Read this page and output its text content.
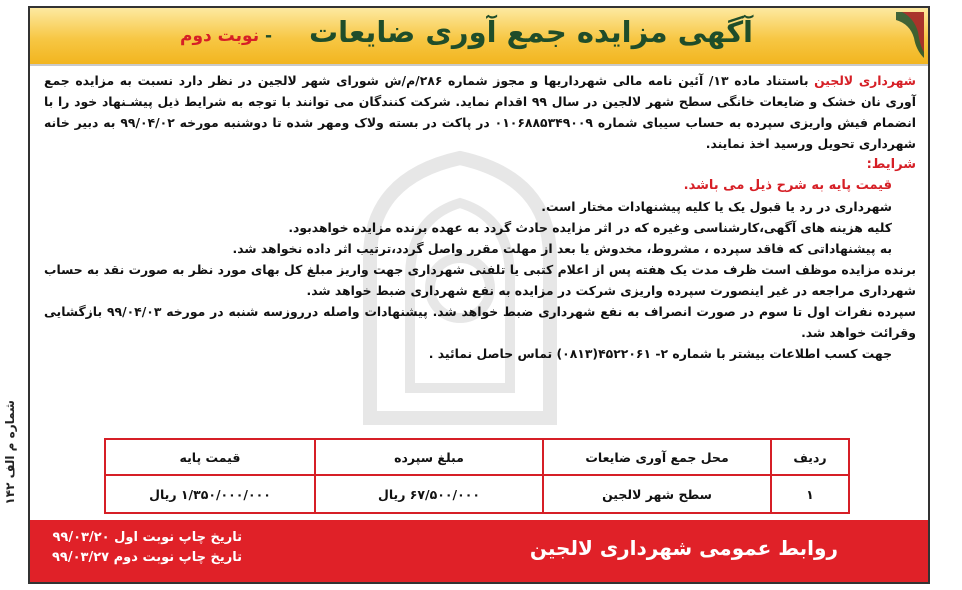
شماره م الف ۱۴۲
آگهی مزایده جمع آوری ضایعات
- نوبت دوم

شهرداری لالجین باستناد ماده ۱۳/ آئین نامه مالی شهرداریها و مجوز شماره ۲۸۶/م/ش شورای شهر لالجین در نظر دارد نسبت به مزایده جمع آوری نان خشک و ضایعات خانگی سطح شهر لالجین در سال ۹۹ اقدام نماید. شرکت کنندگان می توانند با توجه به شرایط ذیل پیشـنهاد خود را با انضمام فیش واریزی سپرده به حساب سیبای شماره ۰۱۰۶۸۸۵۳۴۹۰۰۹ در پاکت در بسته ولاک ومهر شده تا دوشنبه مورخه ۹۹/۰۴/۰۲ به دبیر خانه شهرداری تحویل ورسید اخذ نمایند.

شرایط:

قیمت پایه به شرح ذیل می باشد.

شهرداری در رد یا قبول یک یا کلیه پیشنهادات مختار است.

کلیه هزینه های آگهی،کارشناسی وغیره که در اثر مزایده حادث گردد به عهده برنده مزایده خواهدبود.

به پیشنهاداتی که فاقد سپرده ، مشروط، مخدوش یا بعد از مهلت مقرر واصل گردد،ترتیب اثر داده نخواهد شد.

برنده مزایده موظف است ظرف مدت یک هفته پس از اعلام کتبی یا تلفنی شهرداری جهت واریز مبلغ کل بهای مورد نظر به صورت نقد به حساب شهرداری مراجعه در غیر اینصورت سپرده واریزی شرکت در مزایده به نفع شهرداری ضبط خواهد شد.

سپرده نفرات اول تا سوم در صورت انصراف به نفع شهرداری ضبط خواهد شد. پیشنهادات واصله درروزسه شنبه در مورخه ۹۹/۰۴/۰۳ بازگشایی وقرائت خواهد شد.

جهت کسب اطلاعات بیشتر با شماره ۲- ۴۵۲۲۰۶۱(۰۸۱۳) تماس حاصل نمائید .

ردیف	محل جمع آوری ضایعات	مبلغ سپرده	قیمت پایه
۱	سطح شهر لالجین	۶۷/۵۰۰/۰۰۰ ریال	۱/۳۵۰/۰۰۰/۰۰۰ ریال
روابط عمومی شهرداری لالجین
تاریخ چاپ نوبت اول ۹۹/۰۳/۲۰
تاریخ چاپ نوبت دوم ۹۹/۰۳/۲۷
